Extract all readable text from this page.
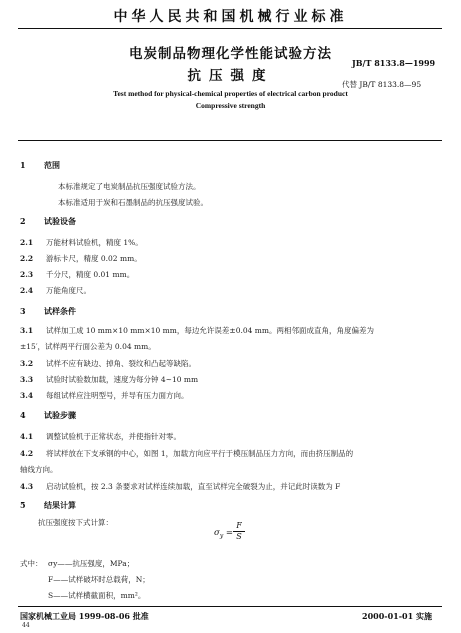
中华人民共和国机械行业标准
电炭制品物理化学性能试验方法
抗压强度
JB/T 8133.8—1999
代替 JB/T 8133.8—95
Test method for physical-chemical properties of electrical carbon product
Compressive strength
1 范围
本标准规定了电炭制品抗压强度试验方法。
本标准适用于炭和石墨制品的抗压强度试验。
2 试验设备
2.1 万能材料试验机，精度 1%。
2.2 游标卡尺，精度 0.02 mm。
2.3 千分尺，精度 0.01 mm。
2.4 万能角度尺。
3 试样条件
3.1 试样加工成 10 mm×10 mm×10 mm，每边允许误差±0.04 mm。两相邻面成直角，角度偏差为
±15′，试样两平行面公差为 0.04 mm。
3.2 试样不应有缺边、掉角、裂纹和凸起等缺陷。
3.3 试验时试验数加载，速度为每分钟 4~10 mm
3.4 每组试样应注明型号，并导有压力面方向。
4 试验步骤
4.1 调整试验机于正常状态，并使指针对零。
4.2 将试样放在下支承钢的中心，如图 1，加载方向应平行于模压制品压力方向，而由挤压制品的
轴线方向。
4.3 启动试验机，按 2.3 条要求对试样连续加载，直至试样完全破裂为止，并记此时读数为 F
5 结果计算
抗压强度按下式计算：
$\sigma_y = \frac{F}{S}$
式中： σy——抗压强度，MPa；
F——试样破坏时总载荷，N；
S——试样横截面积，mm²。
国家机械工业局 1999-08-06 批准	2000-01-01 实施
44
